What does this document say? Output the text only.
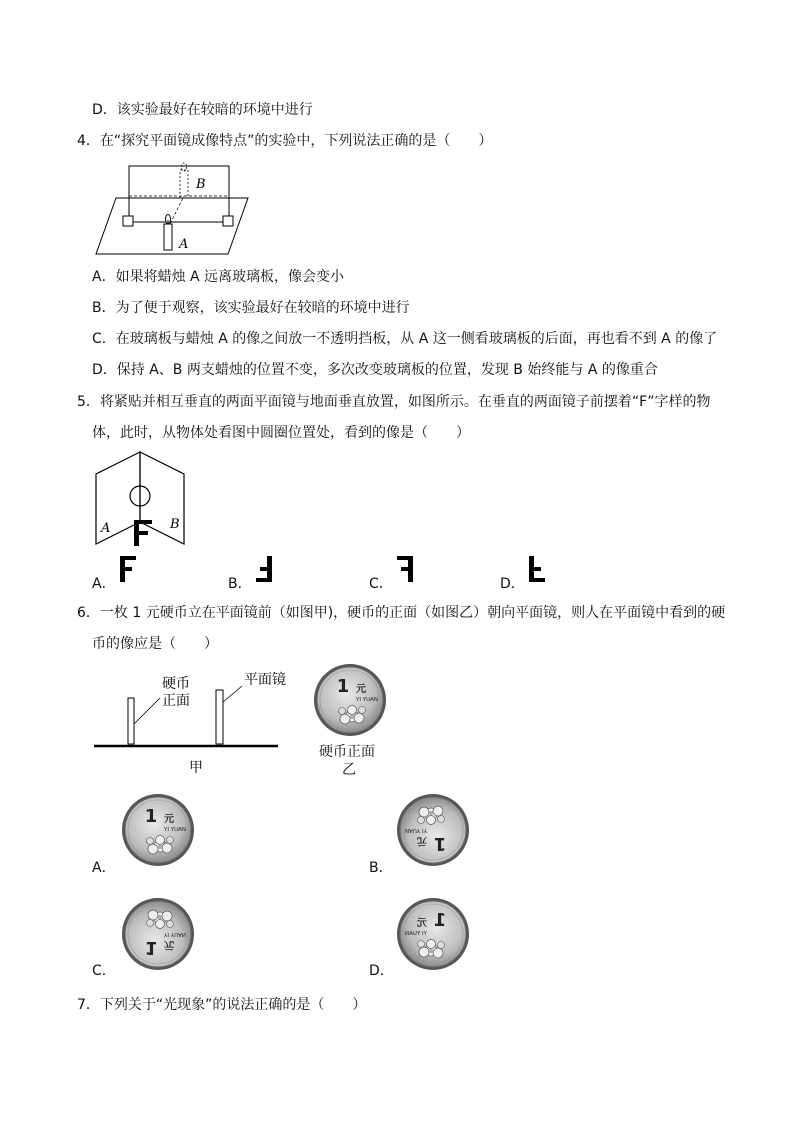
D．该实验最好在较暗的环境中进行
4．在“探究平面镜成像特点”的实验中，下列说法正确的是（　　）
B
A
A．如果将蜡烛 A 远离玻璃板，像会变小
B．为了便于观察，该实验最好在较暗的环境中进行
C．在玻璃板与蜡烛 A 的像之间放一不透明挡板，从 A 这一侧看玻璃板的后面，再也看不到 A 的像了
D．保持 A、B 两支蜡烛的位置不变，多次改变玻璃板的位置，发现 B 始终能与 A 的像重合
5．将紧贴并相互垂直的两面平面镜与地面垂直放置，如图所示。在垂直的两面镜子前摆着“F”字样的物
体，此时，从物体处看图中圆圈位置处，看到的像是（　　）
A	B
A．	B．	C．	D．
6．一枚 1 元硬币立在平面镜前（如图甲)，硬币的正面（如图乙）朝向平面镜，则人在平面镜中看到的硬
币的像应是（　　）
硬币
正面
平面镜
甲
1 元
YI YUAN
硬币正面
乙
A．
1 元
YI YUAN
B．
1
元
YI YUAN
C．
1 元
YI YUAN
D．
1
元
YI YUAN
7．下列关于“光现象”的说法正确的是（　　）
